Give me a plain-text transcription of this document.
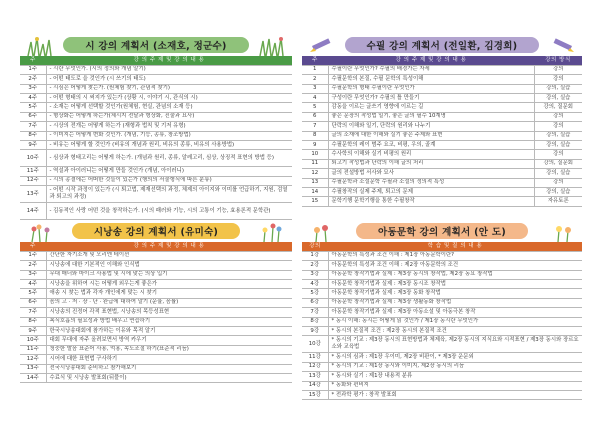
시 강의 계획서 (소재호, 정군수)
주	강 의 주 제 및 강 의 내 용
1주	- 시란 무엇인가. (시의 정의와 개념 알기)
2주	- 어떤 태도로 을 것인가 (시 쓰기의 태도)
3주	- 시심은 어떻게 찾는가. (원체험 찾기, 관념적 찾기)
4주	- 어떤 형태의 시 써지가 있는가 (상황 시, 이야기 시, 관식의 시)
5주	- 소재는 어떻게 선택할 것인가(원체험, 현실, 관념의 소재 등)
6주	- 형상화는 어떻게 하는가(체시지 전달과 형상화, 진술과 묘사)
7주	- 시상의 전개는 어떻게 하는가 (재형과 법칙 및 기저 유형)
8주	- 이미지는 어떻게 변화 것인가. (개념, 기능, 종류, 창조방법)
9주	- 비유는 어떻게 할 것인가 (비유의 개념과 원리, 비유의 종류, 비유의 사용방법)
10주	- 심상과 형태고리는 어떻게 하는가. (개념과 원리, 종류, 알레고리, 심상, 상징적 표현의 방법 등)
11주	- 역설과 아이러니는 어떻게 만들 것인가 (개념, 아이러니)
12주	- 시의 종결에는 어떠한 것들이 있는가 (행의의 서술형식에 따른 분류)
13주	- 어떤 시작 과정이 있는가 (시 퇴고법, 제재선택의 과정, 체제의 아이지와 이미를 언급하기, 지원, 검열과 퇴고의 과정)
14주	- 김동적인 사랑 어떤 것을 창작하는가. (시의 패러와 기능, 시의 고통이 기능, 효용론적 문학관)
수필 강의 계획서 (전일환, 김경희)
주	강 의 주 제 및 강 의 내 용	강의 방식
1	수필이란 무엇인가? 수필의 배경가는 자세	강의
2	수필문학의 본질, 수필 문학의 특성이해	강의
3	수필문학의 형태 수필이란 무엇인가	강의, 실습
4	구성이란 무엇인가? 수필의 틀 만들기	강의, 실습
5	감동을 이르는 글쓰기 영향에 이르는 길	강의, 질문회
6	좋은 문장의 작성법 일기, 좋은 글의 필수 10계명	강의
7	단락의 이해와 일기, 단락의 원리와 나누기	강의
8	글의 소재에 대한 이해와 실기 좋은 주제와 표현	강의, 실습
9	수필문학의 레이 범주 요코, 비평, 우의, 골계	강의, 실습
10	수사학의 이해와 실기 비평의 원리	강의
11	퇴고기 작성법과 단락의 이해 글의 처리	강의, 질문회
12	글의 전설방법 서사와 묘사	강의, 실습
13	수필문학과 소설문학 수필과 소설의 정의적 특성	강의
14	수필창작의 실제 주제, 퇴고의 문제	강의, 실습
15	문학기행 문학기행을 통한 수필창작	자유토론
시낭송 강의 계획서 (유미숙)
주	강 의 주 제 및 강 의 내 용
1주	간단한 자기소개 및 오리엔 테이션
2주	시낭송에 대한 기본적인 이해와 인식법
3주	무대 매너와 마이크 사용법 및 시에 맞는 의상 입기
4주	시낭송을 위하여 시는 어떻게 외우는게 좋은가
5주	애송 시 찾는 법과 각자 개인에게 맞는 시 찾기
6주	음의 고 · 저 · 장 · 단 · 완급에 대하여 알기 (운율, 음률)
7주	시낭송의 진정어 각적 표현법, 시낭송의 목등성표현
8주	복식호흡의 필요성과 방법 배우고 연습하기
9주	한국시낭송대회에 참가하는 이유와 목적 알기
10주	대회 무대에 자주 올려보면서 방역 카우기
11주	청중한 발음 표준어 사용, 억용, 속도조절 하기(표준적 리듬)
12주	시어에 대한 표현법 구사하기
13주	전국시낭송대회 준비하고 참가해보기
14주	수료식 및 시낭송 발표회(뒤풀이)
아동문학 강의 계획서 (안 도)
강의	학 습 및 질 의 내 용
1강	아동문학의 특성과 조건 이해 : 제1장 아동문학이란?
2강	아동문학의 특성과 조건 이해 : 제2장 아동문학의 조건
3강	아동문학 창작기법과 실제 : 제3장 동시의 창작법, 제2장 동요 창작법
4강	아동문학 창작기법과 실제 : 제3장 동시조 창작법
5강	아동문학 창작기법과 실제 : 제3장 동화 창작법
6강	아동문학 창작기법과 실제 : 제3장 생활동화 창작법
7강	아동문학 창작기법과 실제 : 제3장 아동소설 및 아동극본 창작
8강	* 동시 이해: 동시는 어떻게 읽 것인가 / 제1장 동시란 무엇인가
9강	* 동시의 본질적 조건 : 제2장 동시의 본질적 조건
10강	* 동시의 기교 : 제3장 동시의 표현방법과 체제육, 제2장 동시의 지식요와 시적표현 / 제3장 동시와 장르요소와 교육법
11강	* 동시의 심과 : 제1장 우이미, 제2장 비판이, * 제3장 운문외
12강	* 동시의 기교 : 제1장 동시와 이미지, 제2장 동시의 리듬
13강	* 동시와 실기 : 제1장 내용적 분류
14강	* 동화와 편비지
15강	* 전과학 평가 : 창작 발표회
